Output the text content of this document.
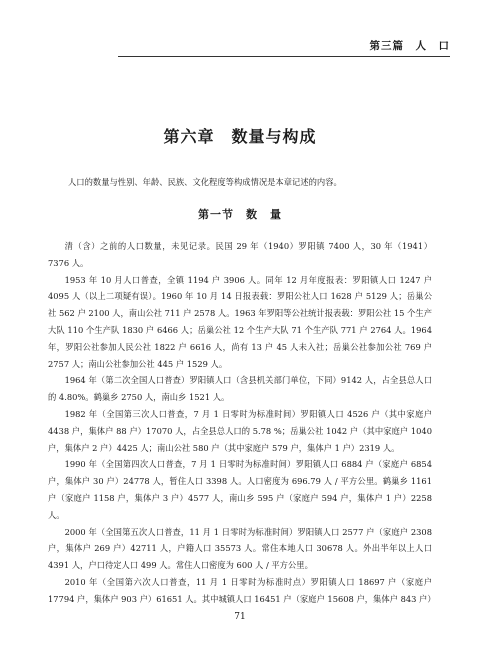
第三篇　人　口
第六章　数量与构成
人口的数量与性别、年龄、民族、文化程度等构成情况是本章记述的内容。
第一节　数　量

清（含）之前的人口数量，未见记录。民国 29 年（1940）罗阳镇 7400 人，30 年（1941）7376 人。

1953 年 10 月人口普查，全镇 1194 户 3906 人。同年 12 月年度报表：罗阳镇人口 1247 户 4095 人（以上二项疑有误）。1960 年 10 月 14 日报表载：罗阳公社人口 1628 户 5129 人；岳巢公社 562 户 2100 人，南山公社 711 户 2578 人。1963 年罗阳等公社统计报表载：罗阳公社 15 个生产大队 110 个生产队 1830 户 6466 人；岳巢公社 12 个生产大队 71 个生产队 771 户 2764 人。1964 年，罗阳公社参加人民公社 1822 户 6616 人，尚有 13 户 45 人未入社；岳巢公社参加公社 769 户 2757 人；南山公社参加公社 445 户 1529 人。

1964 年（第二次全国人口普查）罗阳镇人口（含县机关部门单位，下同）9142 人，占全县总人口的 4.80%。鹤巢乡 2750 人，南山乡 1521 人。

1982 年（全国第三次人口普查，7 月 1 日零时为标准时间）罗阳镇人口 4526 户（其中家庭户 4438 户，集体户 88 户）17070 人，占全县总人口的 5.78 %；岳巢公社 1042 户（其中家庭户 1040 户，集体户 2 户）4425 人；南山公社 580 户（其中家庭户 579 户，集体户 1 户）2319 人。

1990 年（全国第四次人口普查，7 月 1 日零时为标准时间）罗阳镇人口 6884 户（家庭户 6854 户，集体户 30 户）24778 人，暂住人口 3398 人。人口密度为 696.79 人 / 平方公里。鹤巢乡 1161 户（家庭户 1158 户，集体户 3 户）4577 人，南山乡 595 户（家庭户 594 户，集体户 1 户）2258 人。

2000 年（全国第五次人口普查，11 月 1 日零时为标准时间）罗阳镇人口 2577 户（家庭户 2308 户，集体户 269 户）42711 人，户籍人口 35573 人。常住本地人口 30678 人。外出半年以上人口 4391 人，户口待定人口 499 人。常住人口密度为 600 人 / 平方公里。

2010 年（全国第六次人口普查，11 月 1 日零时为标准时点）罗阳镇人口 18697 户（家庭户 17794 户，集体户 903 户）61651 人。其中城镇人口 16451 户（家庭户 15608 户，集体户 843 户）

71
